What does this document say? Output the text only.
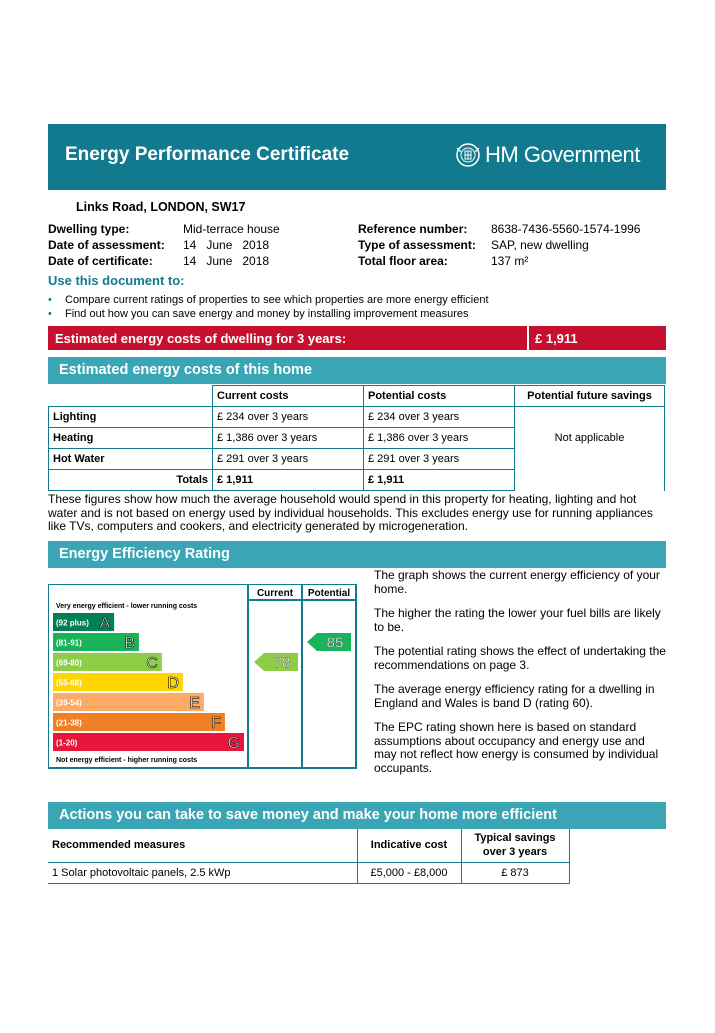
Energy Performance Certificate	HM Government
Links Road, LONDON, SW17
Dwelling type:	Mid-terrace house
Date of assessment: 14   June   2018
Date of certificate:	14   June   2018
Reference number: 8638-7436-5560-1574-1996
Type of assessment: SAP, new dwelling
Total floor area:	137 m²
Use this document to:
•	Compare current ratings of properties to see which properties are more energy efficient
•	Find out how you can save energy and money by installing improvement measures
Estimated energy costs of dwelling for 3 years:	£ 1,911
Estimated energy costs of this home
	Current costs	Potential costs	Potential future savings
Lighting	£ 234 over 3 years	£ 234 over 3 years	Not applicable
Heating	£ 1,386 over 3 years	£ 1,386 over 3 years	
Hot Water	£ 291 over 3 years	£ 291 over 3 years	
Totals	£ 1,911	£ 1,911	
These figures show how much the average household would spend in this property for heating, lighting and hot water and is not based on energy used by individual households. This excludes energy use for running appliances like TVs, computers and cookers, and electricity generated by microgeneration.
Energy Efficiency Rating
Current Potential
Very energy efficient - lower running costs
Not energy efficient - higher running costs
(92 plus) A
(81-91)	B
(69-80)	C
(55-68)	D
(39-54)	E
(21-38)	F
(1-20)	G
78
85

The graph shows the current energy efficiency of your home.

The higher the rating the lower your fuel bills are likely to be.

The potential rating shows the effect of undertaking the recommendations on page 3.

The average energy efficiency rating for a dwelling in England and Wales is band D (rating 60).

The EPC rating shown here is based on standard assumptions about occupancy and energy use and may not reflect how energy is consumed by individual occupants.

Actions you can take to save money and make your home more efficient
Recommended measures	Indicative cost	Typical savings over 3 years
1 Solar photovoltaic panels, 2.5 kWp	£5,000 - £8,000	£ 873
